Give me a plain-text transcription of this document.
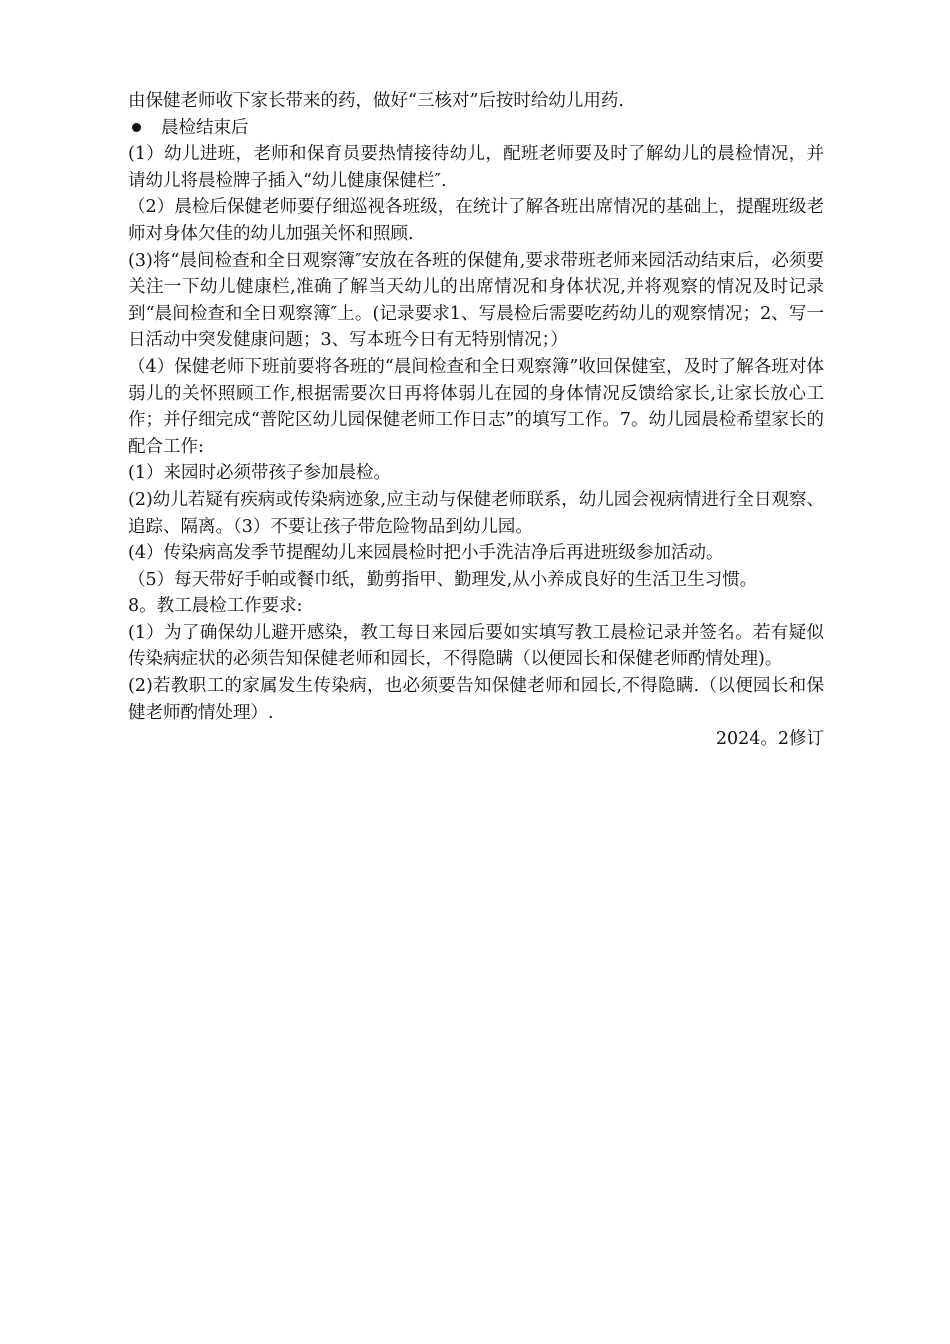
由保健老师收下家长带来的药，做好“三核对”后按时给幼儿用药.

晨检结束后

(1）幼儿进班，老师和保育员要热情接待幼儿，配班老师要及时了解幼儿的晨检情况，并请幼儿将晨检牌子插入“幼儿健康保健栏″.

（2）晨检后保健老师要仔细巡视各班级，在统计了解各班出席情况的基础上，提醒班级老师对身体欠佳的幼儿加强关怀和照顾.

(3)将“晨间检查和全日观察簿″安放在各班的保健角,要求带班老师来园活动结束后，必须要关注一下幼儿健康栏,准确了解当天幼儿的出席情况和身体状况,并将观察的情况及时记录到“晨间检查和全日观察簿″上。(记录要求1、写晨检后需要吃药幼儿的观察情况；2、写一日活动中突发健康问题；3、写本班今日有无特别情况；）

（4）保健老师下班前要将各班的“晨间检查和全日观察簿”收回保健室，及时了解各班对体弱儿的关怀照顾工作,根据需要次日再将体弱儿在园的身体情况反馈给家长,让家长放心工作；并仔细完成“普陀区幼儿园保健老师工作日志”的填写工作。7。幼儿园晨检希望家长的配合工作:

(1）来园时必须带孩子参加晨检。

(2)幼儿若疑有疾病或传染病迹象,应主动与保健老师联系，幼儿园会视病情进行全日观察、追踪、隔离。（3）不要让孩子带危险物品到幼儿园。

(4）传染病高发季节提醒幼儿来园晨检时把小手洗洁净后再进班级参加活动。

（5）每天带好手帕或餐巾纸，勤剪指甲、勤理发,从小养成良好的生活卫生习惯。

8。教工晨检工作要求:

(1）为了确保幼儿避开感染，教工每日来园后要如实填写教工晨检记录并签名。若有疑似传染病症状的必须告知保健老师和园长，不得隐瞒（以便园长和保健老师酌情处理)。

(2)若教职工的家属发生传染病，也必须要告知保健老师和园长,不得隐瞒.（以便园长和保健老师酌情处理）.

2024。2修订
